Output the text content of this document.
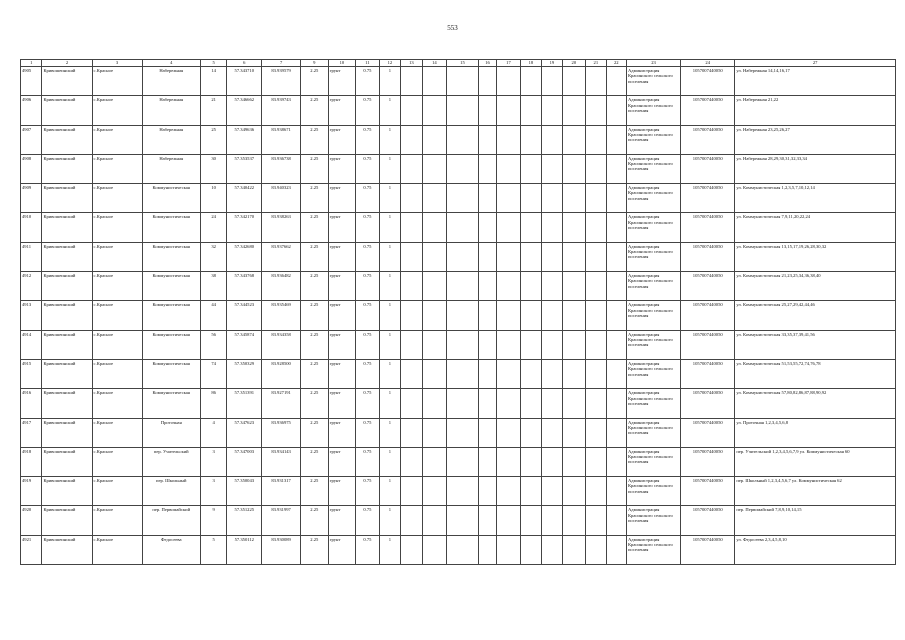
553
1	2	3	4	5	6	7	9	10	11	12	13	14	15	16	17	18	19	20	21	22	23	24	27
4905	Кривошеинский	с.Красное	Набережная	14	57.343710	83.939579	2.25	грунт	0.75	1											Администрация Красинского сельского поселения	1057007440050	ул. Набережная 14,14,16,17
4906	Кривошеинский	с.Красное	Набережная	21	57.346662	83.939743	2.25	грунт	0.75	1											Администрация Красинского сельского поселения	1057007440050	ул. Набережная 21,22
4907	Кривошеинский	с.Красное	Набережная	25	57.349636	83.938671	2.25	грунт	0.75	1											Администрация Красинского сельского поселения	1057007440050	ул. Набережная 23,25,26,27
4908	Кривошеинский	с.Красное	Набережная	30	57.353537	83.936738	2.25	грунт	0.75	1											Администрация Красинского сельского поселения	1057007440050	ул. Набережная 28,29,30,31,32,33,34
4909	Кривошеинский	с.Красное	Коммунистическая	10	57.340422	83.940323	2.25	грунт	0.75	1											Администрация Красинского сельского поселения	1057007440050	ул. Коммунистическая 1,2,3,5,7,10,12,14
4910	Кривошеинский	с.Красное	Коммунистическая	24	57.342170	83.938263	2.25	грунт	0.75	1											Администрация Красинского сельского поселения	1057007440050	ул. Коммунистическая 7,9,11,20,22,24
4911	Кривошеинский	с.Красное	Коммунистическая	32	57.342680	83.937662	2.25	грунт	0.75	1											Администрация Красинского сельского поселения	1057007440050	ул. Коммунистическая 13,15,17,19,26,28,30,32
4912	Кривошеинский	с.Красное	Коммунистическая	38	57.343768	83.936482	2.25	грунт	0.75	1											Администрация Красинского сельского поселения	1057007440050	ул. Коммунистическая 21,23,25,34,36,38,40
4913	Кривошеинский	с.Красное	Коммунистическая	44	57.344523	83.935469	2.25	грунт	0.75	1											Администрация Красинского сельского поселения	1057007440050	ул. Коммунистическая 25,27,29,42,44,46
4914	Кривошеинский	с.Красное	Коммунистическая	56	57.345874	83.934358	2.25	грунт	0.75	1											Администрация Красинского сельского поселения	1057007440050	ул. Коммунистическая 33,35,37,39,41,56
4915	Кривошеинский	с.Красное	Коммунистическая	74	57.350329	83.928500	2.25	грунт	0.75	1											Администрация Красинского сельского поселения	1057007440050	ул. Коммунистическая 51,53,55,72,74,76,78
4916	Кривошеинский	с.Красное	Коммунистическая	86	57.351391	83.927191	2.25	грунт	0.75	1											Администрация Красинского сельского поселения	1057007440050	ул. Коммунистическая 57,80,82,86,87,88,90,92
4917	Кривошеинский	с.Красное	Проточная	4	57.347623	83.936975	2.25	грунт	0.75	1											Администрация Красинского сельского поселения	1057007440050	ул. Проточная 1,2,3,4,5,6,8
4918	Кривошеинский	с.Красное	пер. Учительский	3	57.347003	83.934143	2.25	грунт	0.75	1											Администрация Красинского сельского поселения	1057007440050	пер. Учительский 1,2,3,4,5,6,7,9 ул. Коммунистическая 60
4919	Кривошеинский	с.Красное	пер. Школьный	3	57.350043	83.931317	2.25	грунт	0.75	1											Администрация Красинского сельского поселения	1057007440050	пер. Школьный 1,2,3,4,5,6,7 ул. Коммунистическая 62
4920	Кривошеинский	с.Красное	пер. Первомайский	9	57.351225	83.931997	2.25	грунт	0.75	1											Администрация Красинского сельского поселения	1057007440050	пер. Первомайский 7,8,9,10,14,15
4921	Кривошеинский	с.Красное	Федосеева	5	57.350112	83.930089	2.25	грунт	0.75	1											Администрация Красинского сельского поселения	1057007440050	ул. Федосеева 2,3,4,5,8,10
